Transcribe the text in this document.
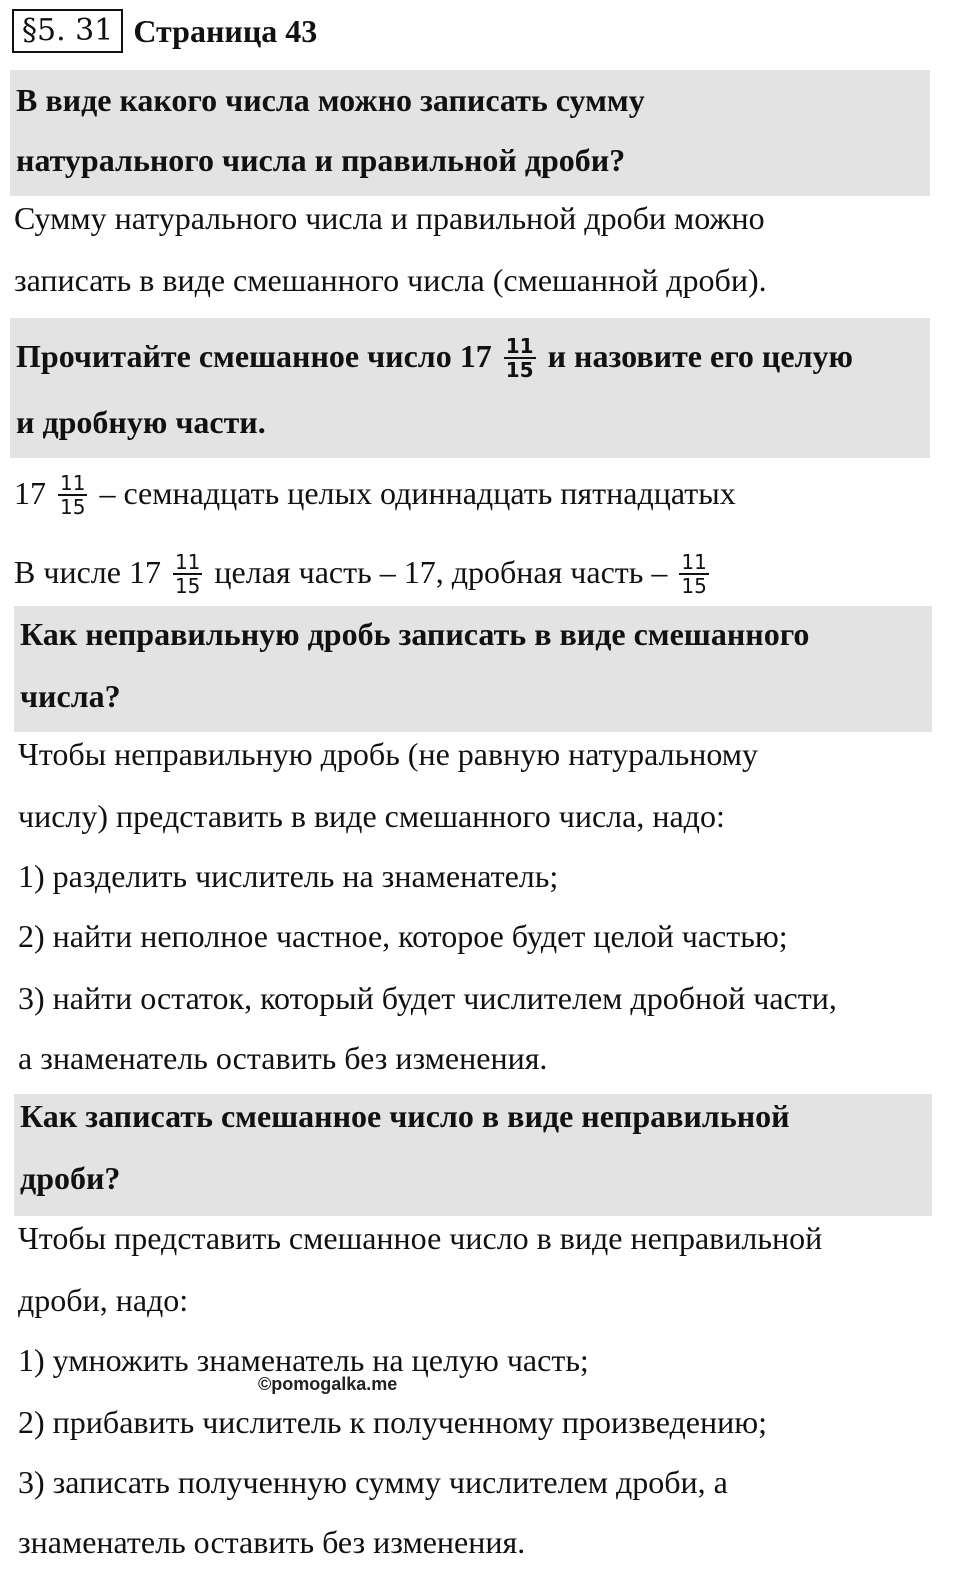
§5. 31 Страница 43
В виде какого числа можно записать сумму
натурального числа и правильной дроби?
Сумму натурального числа и правильной дроби можно
записать в виде смешанного числа (смешанной дроби).
Прочитайте смешанное число $17 \frac{11}{15}$ и назовите его целую
и дробную части.
$17 \frac{11}{15}$ – семнадцать целых одиннадцать пятнадцатых
В числе $17 \frac{11}{15}$ целая часть – 17, дробная часть – $\frac{11}{15}$
Как неправильную дробь записать в виде смешанного
числа?
Чтобы неправильную дробь (не равную натуральному
числу) представить в виде смешанного числа, надо:
1) разделить числитель на знаменатель;
2) найти неполное частное, которое будет целой частью;
3) найти остаток, который будет числителем дробной части,
а знаменатель оставить без изменения.
Как записать смешанное число в виде неправильной
дроби?
Чтобы представить смешанное число в виде неправильной
дроби, надо:
1) умножить знаменатель на целую часть;
2) прибавить числитель к полученному произведению;
3) записать полученную сумму числителем дроби, а
знаменатель оставить без изменения.
©pomogalka.me
